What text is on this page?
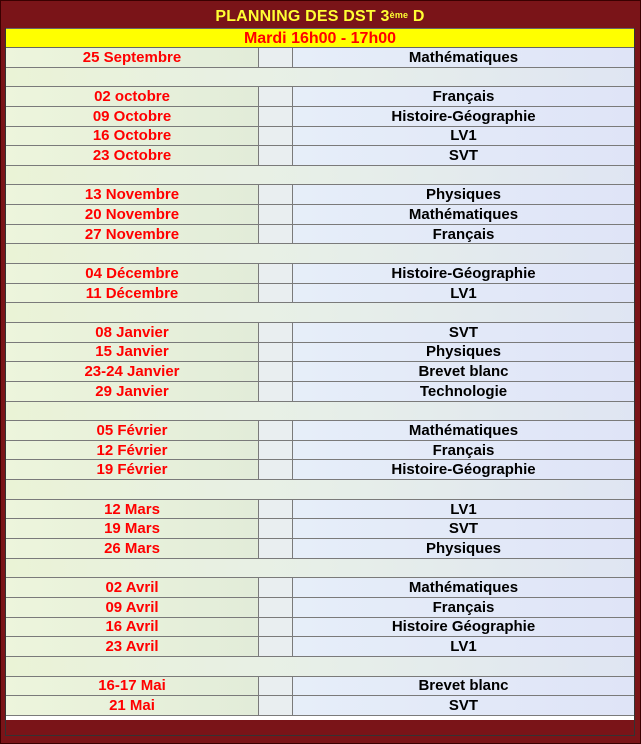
PLANNING DES DST 3ème D
Mardi 16h00 - 17h00
25 Septembre	Mathématiques
02 octobre	Français
09 Octobre	Histoire-Géographie
16 Octobre	LV1
23 Octobre	SVT
13 Novembre	Physiques
20 Novembre	Mathématiques
27 Novembre	Français
04 Décembre	Histoire-Géographie
11 Décembre	LV1
08 Janvier	SVT
15 Janvier	Physiques
23-24 Janvier	Brevet blanc
29 Janvier	Technologie
05 Février	Mathématiques
12 Février	Français
19 Février	Histoire-Géographie
12 Mars	LV1
19 Mars	SVT
26 Mars	Physiques
02 Avril	Mathématiques
09 Avril	Français
16 Avril	Histoire Géographie
23 Avril	LV1
16-17 Mai	Brevet blanc
21 Mai	SVT
